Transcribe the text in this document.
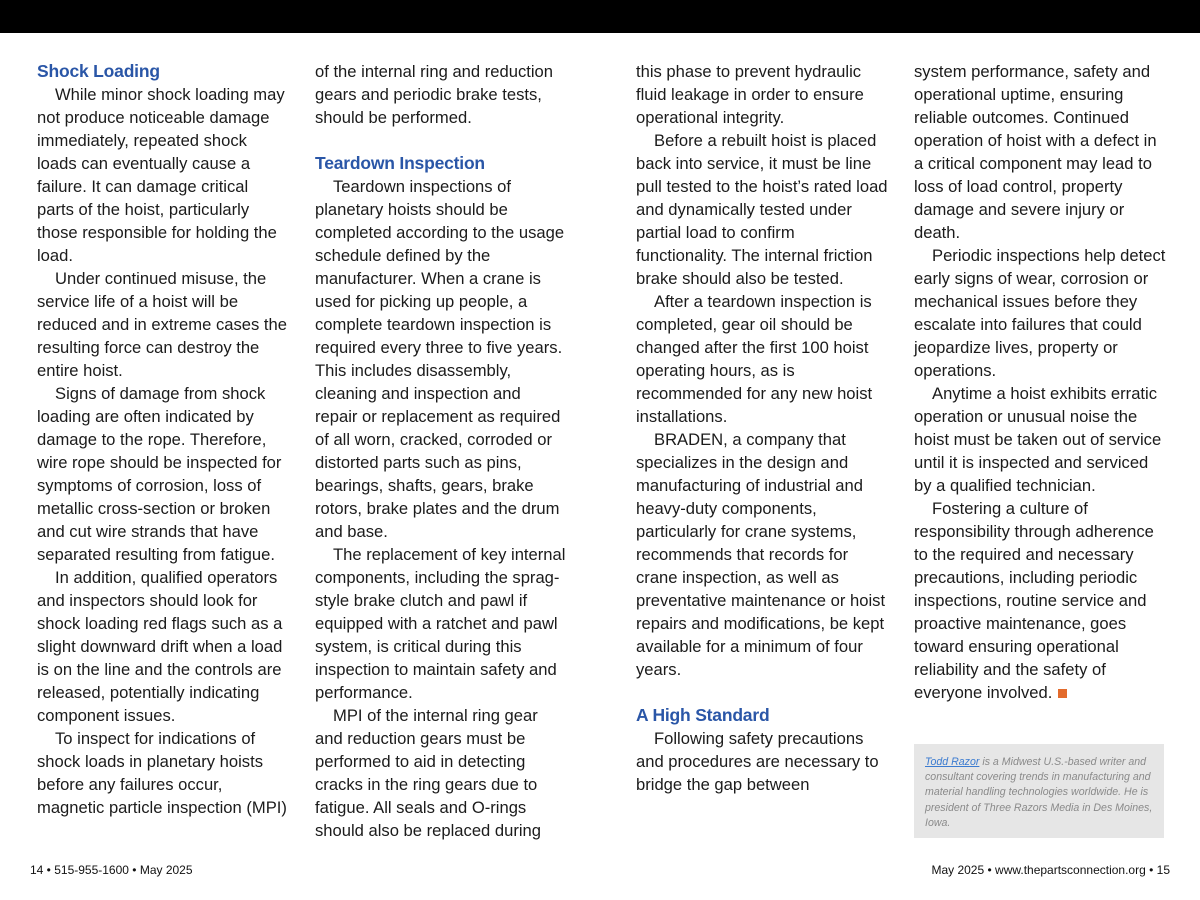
Shock Loading

While minor shock loading may not produce noticeable damage immediately, repeated shock loads can eventually cause a failure. It can damage critical parts of the hoist, particularly those responsible for holding the load.

Under continued misuse, the service life of a hoist will be reduced and in extreme cases the resulting force can destroy the entire hoist.

Signs of damage from shock loading are often indicated by damage to the rope. Therefore, wire rope should be inspected for symptoms of corrosion, loss of metallic cross-section or broken and cut wire strands that have separated resulting from fatigue.

In addition, qualified operators and inspectors should look for shock loading red flags such as a slight downward drift when a load is on the line and the controls are released, potentially indicating component issues.

To inspect for indications of shock loads in planetary hoists before any failures occur, magnetic particle inspection (MPI)

of the internal ring and reduction gears and periodic brake tests, should be performed.

Teardown Inspection

Teardown inspections of planetary hoists should be completed according to the usage schedule defined by the manufacturer. When a crane is used for picking up people, a complete teardown inspection is required every three to five years. This includes disassembly, cleaning and inspection and repair or replacement as required of all worn, cracked, corroded or distorted parts such as pins, bearings, shafts, gears, brake rotors, brake plates and the drum and base.

The replacement of key internal components, including the sprag-style brake clutch and pawl if equipped with a ratchet and pawl system, is critical during this inspection to maintain safety and performance.

MPI of the internal ring gear and reduction gears must be performed to aid in detecting cracks in the ring gears due to fatigue. All seals and O-rings should also be replaced during

this phase to prevent hydraulic fluid leakage in order to ensure operational integrity.

Before a rebuilt hoist is placed back into service, it must be line pull tested to the hoist’s rated load and dynamically tested under partial load to confirm functionality. The internal friction brake should also be tested.

After a teardown inspection is completed, gear oil should be changed after the first 100 hoist operating hours, as is recommended for any new hoist installations.

BRADEN, a company that specializes in the design and manufacturing of industrial and heavy-duty components, particularly for crane systems, recommends that records for crane inspection, as well as preventative maintenance or hoist repairs and modifications, be kept available for a minimum of four years.

A High Standard

Following safety precautions and procedures are necessary to bridge the gap between

system performance, safety and operational uptime, ensuring reliable outcomes. Continued operation of hoist with a defect in a critical component may lead to loss of load control, property damage and severe injury or death.

Periodic inspections help detect early signs of wear, corrosion or mechanical issues before they escalate into failures that could jeopardize lives, property or operations.

Anytime a hoist exhibits erratic operation or unusual noise the hoist must be taken out of service until it is inspected and serviced by a qualified technician.

Fostering a culture of responsibility through adherence to the required and necessary precautions, including periodic inspections, routine service and proactive maintenance, goes toward ensuring operational reliability and the safety of everyone involved.

Todd Razor is a Midwest U.S.-based writer and consultant covering trends in manufacturing and material handling technologies worldwide. He is president of Three Razors Media in Des Moines, Iowa.
14 • 515-955-1600 • May 2025	May 2025 • www.thepartsconnection.org • 15
